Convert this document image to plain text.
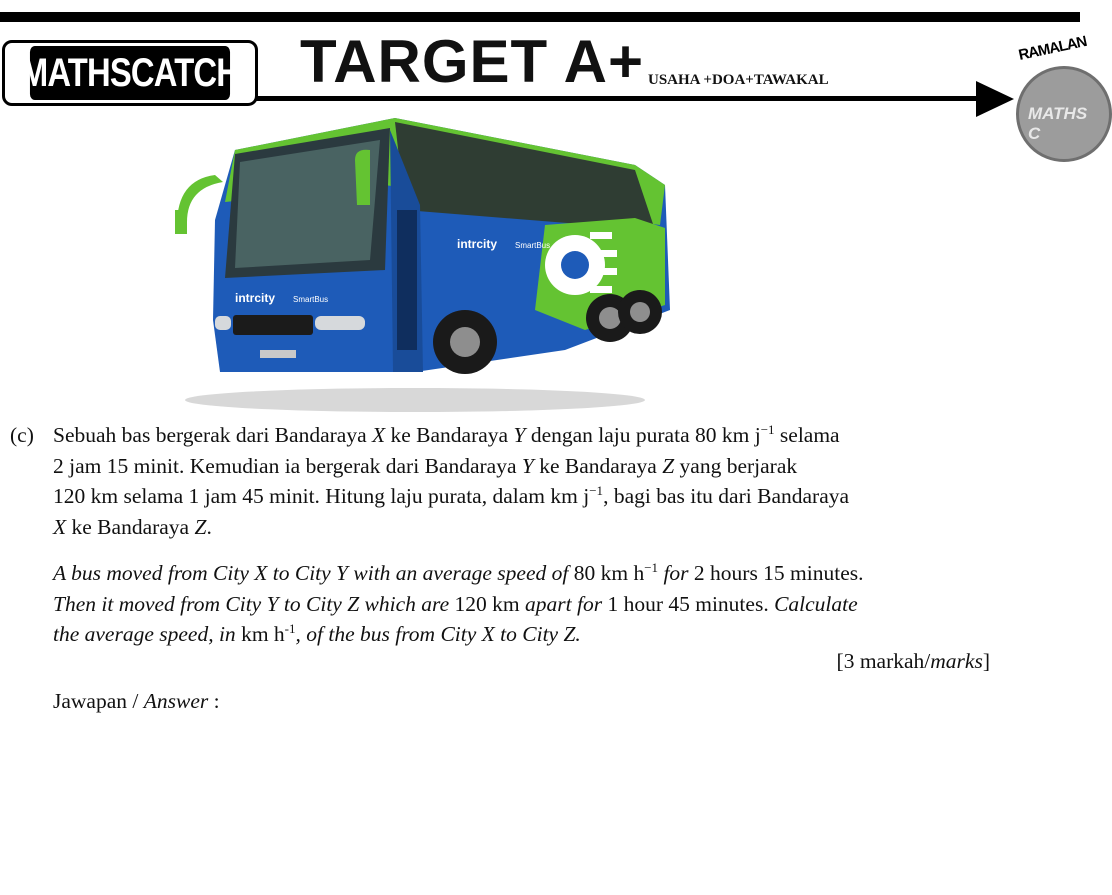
MATHSCATCH TARGET A+ USAHA +DOA+TAWAKAL
RAMALAN
MATHS C
intrcity SmartBus
intrcity SmartBus
(c) Sebuah bas bergerak dari Bandaraya X ke Bandaraya Y dengan laju purata 80 km $j^{-1}$ selama

2 jam 15 minit. Kemudian ia bergerak dari Bandaraya Y ke Bandaraya Z yang berjarak

120 km selama 1 jam 45 minit. Hitung laju purata, dalam km $j^{-1}$, bagi bas itu dari Bandaraya

X ke Bandaraya Z.

A bus moved from City X to City Y with an average speed of 80 km $h^{-1}$ for 2 hours 15 minutes.

Then it moved from City Y to City Z which are 120 km apart for 1 hour 45 minutes. Calculate

the average speed, in km $h^{-1}$, of the bus from City X to City Z.

[3 markah/marks]
Jawapan / Answer :
